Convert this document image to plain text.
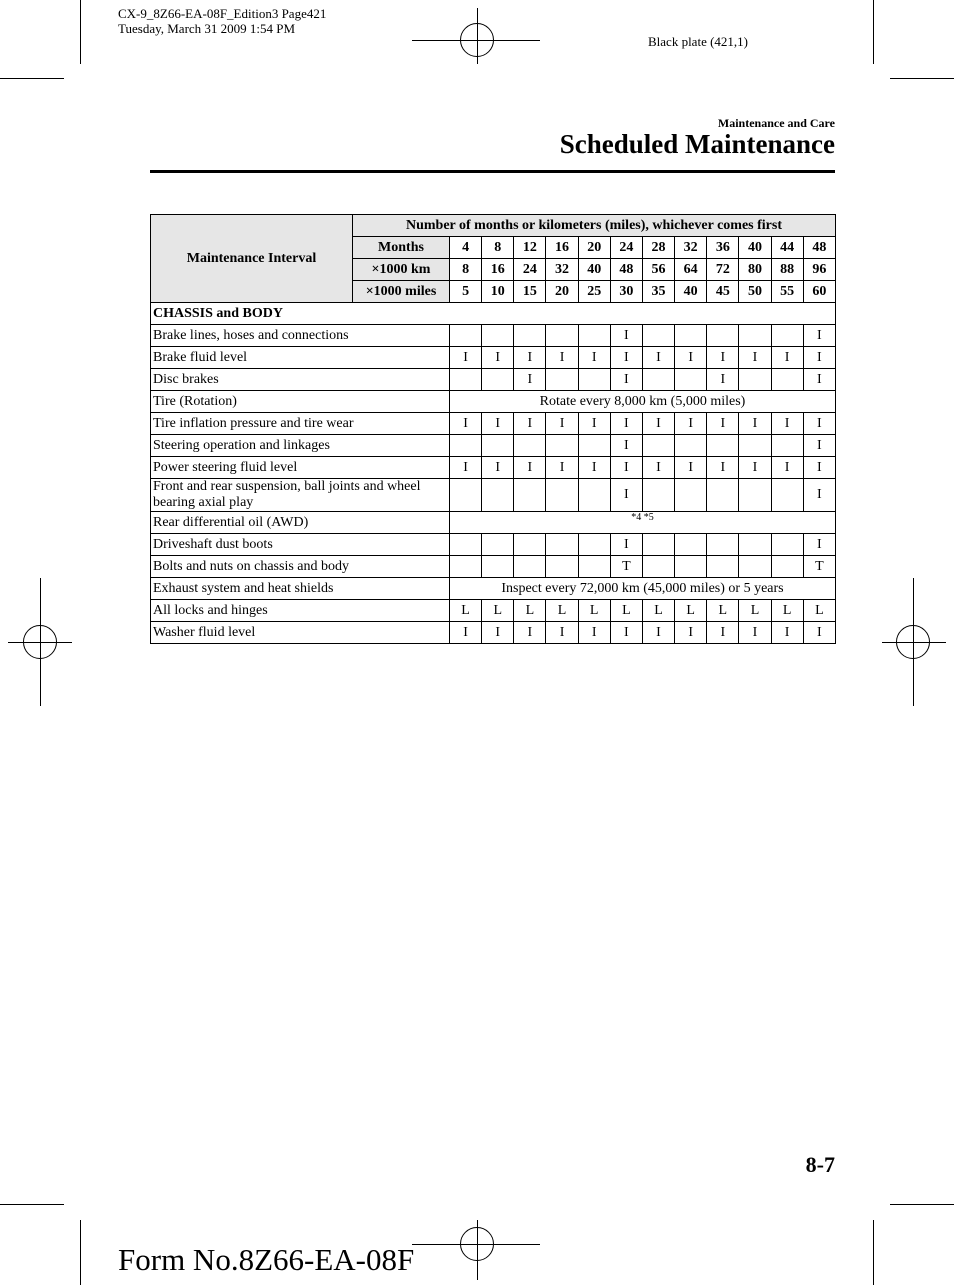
CX-9_8Z66-EA-08F_Edition3 Page421
Tuesday, March 31 2009 1:54 PM
Black plate (421,1)
Maintenance and Care
Scheduled Maintenance
Maintenance Interval	Number of months or kilometers (miles), whichever comes first												
	Months	4	8	12	16	20	24	28	32	36	40	44	48
	×1000 km	8	16	24	32	40	48	56	64	72	80	88	96
	×1000 miles	5	10	15	20	25	30	35	40	45	50	55	60
CHASSIS and BODY													
Brake lines, hoses and connections							I						I
Brake fluid level		I	I	I	I	I	I	I	I	I	I	I	I
Disc brakes				I			I			I			I
Tire (Rotation)		Rotate every 8,000 km (5,000 miles)											
Tire inflation pressure and tire wear		I	I	I	I	I	I	I	I	I	I	I	I
Steering operation and linkages							I						I
Power steering fluid level		I	I	I	I	I	I	I	I	I	I	I	I
Front and rear suspension, ball joints and wheel bearing axial play							I						I
Rear differential oil (AWD)		*4 *5											
Driveshaft dust boots							I						I
Bolts and nuts on chassis and body							T						T
Exhaust system and heat shields		Inspect every 72,000 km (45,000 miles) or 5 years											
All locks and hinges		L	L	L	L	L	L	L	L	L	L	L	L
Washer fluid level		I	I	I	I	I	I	I	I	I	I	I	I
8-7
Form No.8Z66-EA-08F
